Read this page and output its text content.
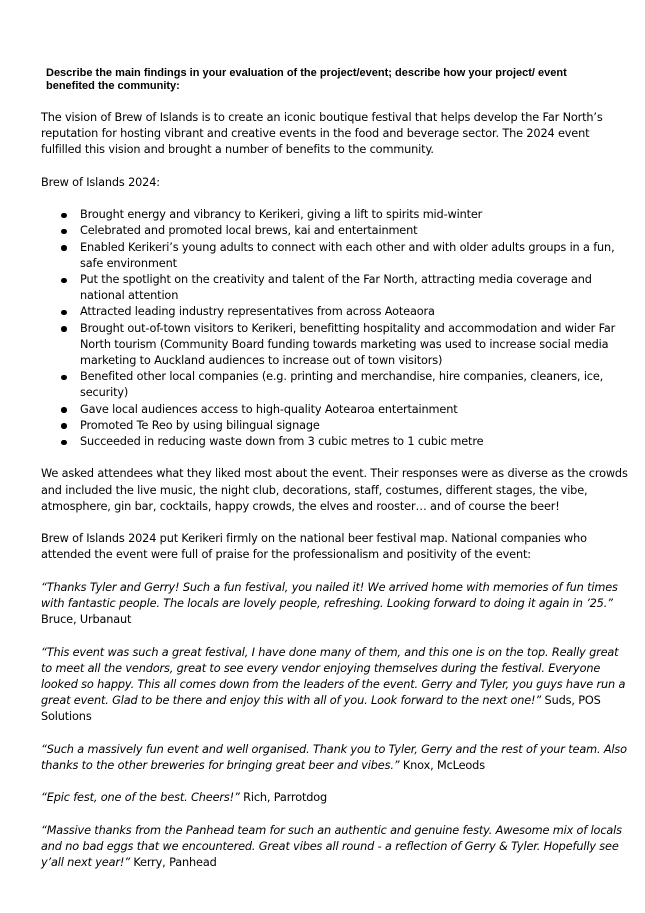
Describe the main findings in your evaluation of the project/event; describe how your project/ event benefited the community:

The vision of Brew of Islands is to create an iconic boutique festival that helps develop the Far North’s reputation for hosting vibrant and creative events in the food and beverage sector. The 2024 event fulfilled this vision and brought a number of benefits to the community.

Brew of Islands 2024:

Brought energy and vibrancy to Kerikeri, giving a lift to spirits mid-winter
Celebrated and promoted local brews, kai and entertainment
Enabled Kerikeri’s young adults to connect with each other and with older adults groups in a fun, safe environment
Put the spotlight on the creativity and talent of the Far North, attracting media coverage and national attention
Attracted leading industry representatives from across Aoteaora
Brought out-of-town visitors to Kerikeri, benefitting hospitality and accommodation and wider Far North tourism (Community Board funding towards marketing was used to increase social media marketing to Auckland audiences to increase out of town visitors)
Benefited other local companies (e.g. printing and merchandise, hire companies, cleaners, ice, security)
Gave local audiences access to high-quality Aotearoa entertainment
Promoted Te Reo by using bilingual signage
Succeeded in reducing waste down from 3 cubic metres to 1 cubic metre

We asked attendees what they liked most about the event. Their responses were as diverse as the crowds and included the live music, the night club, decorations, staff, costumes, different stages, the vibe, atmosphere, gin bar, cocktails, happy crowds, the elves and rooster… and of course the beer!

Brew of Islands 2024 put Kerikeri firmly on the national beer festival map. National companies who attended the event were full of praise for the professionalism and positivity of the event:

“Thanks Tyler and Gerry! Such a fun festival, you nailed it! We arrived home with memories of fun times with fantastic people. The locals are lovely people, refreshing. Looking forward to doing it again in ’25.” Bruce, Urbanaut

“This event was such a great festival, I have done many of them, and this one is on the top. Really great to meet all the vendors, great to see every vendor enjoying themselves during the festival. Everyone looked so happy. This all comes down from the leaders of the event. Gerry and Tyler, you guys have run a great event. Glad to be there and enjoy this with all of you. Look forward to the next one!” Suds, POS Solutions

“Such a massively fun event and well organised. Thank you to Tyler, Gerry and the rest of your team. Also thanks to the other breweries for bringing great beer and vibes.” Knox, McLeods

“Epic fest, one of the best. Cheers!” Rich, Parrotdog

“Massive thanks from the Panhead team for such an authentic and genuine festy. Awesome mix of locals and no bad eggs that we encountered. Great vibes all round - a reflection of Gerry & Tyler. Hopefully see y’all next year!” Kerry, Panhead
